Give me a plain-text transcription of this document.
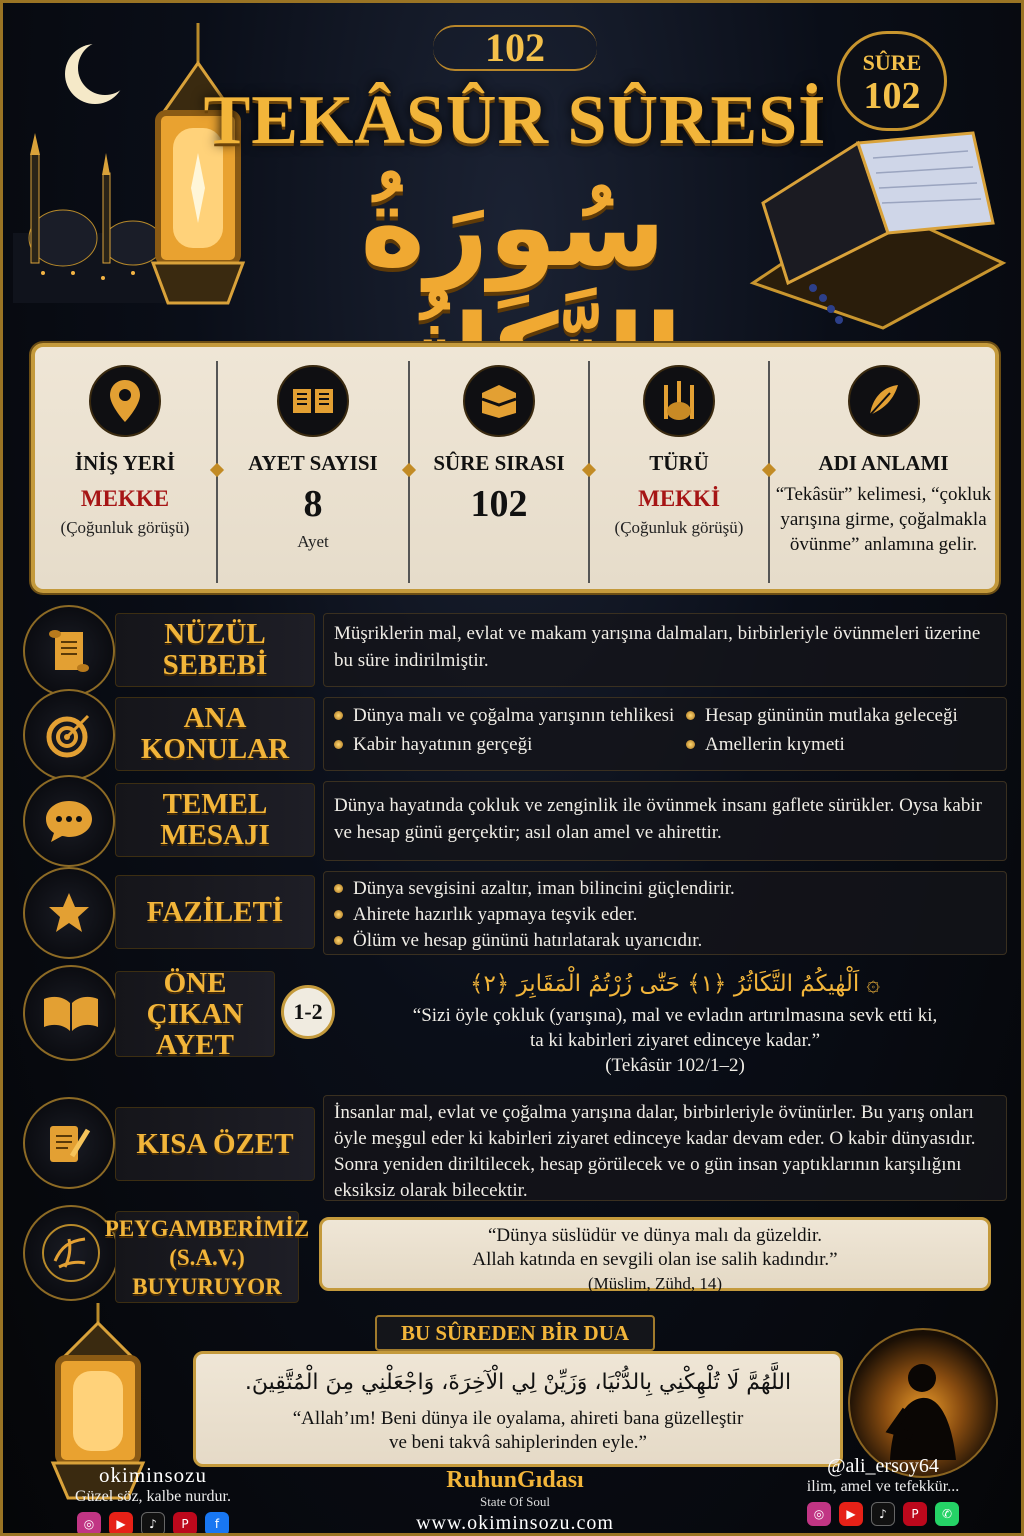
102
TEKÂSÛR SÛRESİ
سُورَةُ
SÛRE
102
İNİŞ YERİ
MEKKE
(Çoğunluk görüşü)
AYET SAYISI
8
Ayet
SÛRE SIRASI
102
TÜRÜ
MEKKİ
(Çoğunluk görüşü)
ADI ANLAMI
“Tekâsür” kelimesi, “çokluk yarışına girme, çoğalmakla övünme” anlamına gelir.
NÜZÜL SEBEBİ
Müşriklerin mal, evlat ve makam yarışına dalmaları, birbirleriyle övünmeleri üzerine bu süre indirilmiştir.
ANA KONULAR
Dünya malı ve çoğalma yarışının tehlikesi	Hesap gününün mutlaka geleceği
Kabir hayatının gerçeği	Amellerin kıymeti
TEMEL MESAJI
Dünya hayatında çokluk ve zenginlik ile övünmek insanı gaflete sürükler. Oysa kabir ve hesap günü gerçektir; asıl olan amel ve ahirettir.
FAZİLETİ
Dünya sevgisini azaltır, iman bilincini güçlendirir.
Ahirete hazırlık yapmaya teşvik eder.
Ölüm ve hesap gününü hatırlatarak uyarıcıdır.
ÖNE ÇIKAN
AYET
1-2
۞ اَلْهٰيكُمُ التَّكَاثُرُ ﴿١﴾ حَتّٰى زُرْتُمُ الْمَقَابِرَ ﴿٢﴾
“Sizi öyle çokluk (yarışına), mal ve evladın artırılmasına sevk etti ki,
ta ki kabirleri ziyaret edinceye kadar.”
(Tekâsür 102/1–2)
KISA ÖZET
İnsanlar mal, evlat ve çoğalma yarışına dalar, birbirleriyle övünürler. Bu yarış onları öyle meşgul eder ki kabirleri ziyaret edinceye kadar devam eder. O kabir dünyasıdır. Sonra yeniden diriltilecek, hesap görülecek ve o gün insan yaptıklarının karşılığını eksiksiz olarak bilecektir.
PEYGAMBERİMİZ
(S.A.V.)
BUYURUYOR
“Dünya süslüdür ve dünya malı da güzeldir.
Allah katında en sevgili olan ise salih kadındır.”
(Müslim, Zühd, 14)
BU SÛREDEN BİR DUA
اللَّهُمَّ لَا تُلْهِكْنِي بِالدُّنْيَا، وَزَيِّنْ لِي الْآخِرَةَ، وَاجْعَلْنِي مِنَ الْمُتَّقِينَ.
“Allah’ım! Beni dünya ile oyalama, ahireti bana güzelleştir
ve beni takvâ sahiplerinden eyle.”
okiminsozu
Güzel söz, kalbe nurdur.
◎	▶	♪	P	f
RuhunGıdası
State Of Soul
www.okiminsozu.com
@ali_ersoy64
ilim, amel ve tefekkür...
◎	▶	♪	P	✆
